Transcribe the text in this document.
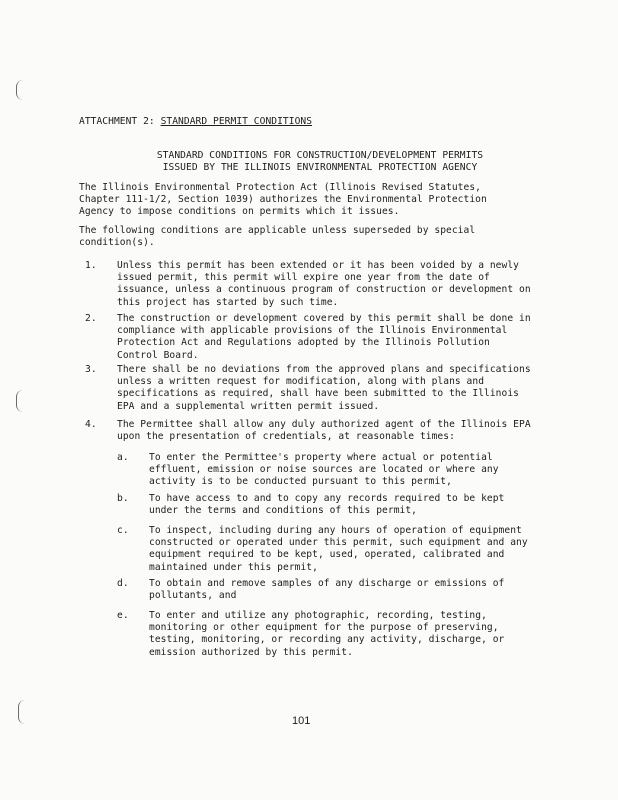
ATTACHMENT 2: STANDARD PERMIT CONDITIONS
STANDARD CONDITIONS FOR CONSTRUCTION/DEVELOPMENT PERMITS
ISSUED BY THE ILLINOIS ENVIRONMENTAL PROTECTION AGENCY
The Illinois Environmental Protection Act (Illinois Revised Statutes, Chapter 111-1/2, Section 1039) authorizes the Environmental Protection Agency to impose conditions on permits which it issues.
The following conditions are applicable unless superseded by special condition(s).
1.	Unless this permit has been extended or it has been voided by a newly issued permit, this permit will expire one year from the date of issuance, unless a continuous program of construction or development on this project has started by such time.
2.	The construction or development covered by this permit shall be done in compliance with applicable provisions of the Illinois Environmental Protection Act and Regulations adopted by the Illinois Pollution Control Board.
3.	There shall be no deviations from the approved plans and specifications unless a written request for modification, along with plans and specifications as required, shall have been submitted to the Illinois EPA and a supplemental written permit issued.
4.	The Permittee shall allow any duly authorized agent of the Illinois EPA upon the presentation of credentials, at reasonable times:
a.	To enter the Permittee's property where actual or potential effluent, emission or noise sources are located or where any activity is to be conducted pursuant to this permit,
b.	To have access to and to copy any records required to be kept under the terms and conditions of this permit,
c.	To inspect, including during any hours of operation of equipment constructed or operated under this permit, such equipment and any equipment required to be kept, used, operated, calibrated and maintained under this permit,
d.	To obtain and remove samples of any discharge or emissions of pollutants, and
e.	To enter and utilize any photographic, recording, testing, monitoring or other equipment for the purpose of preserving, testing, monitoring, or recording any activity, discharge, or emission authorized by this permit.
101
